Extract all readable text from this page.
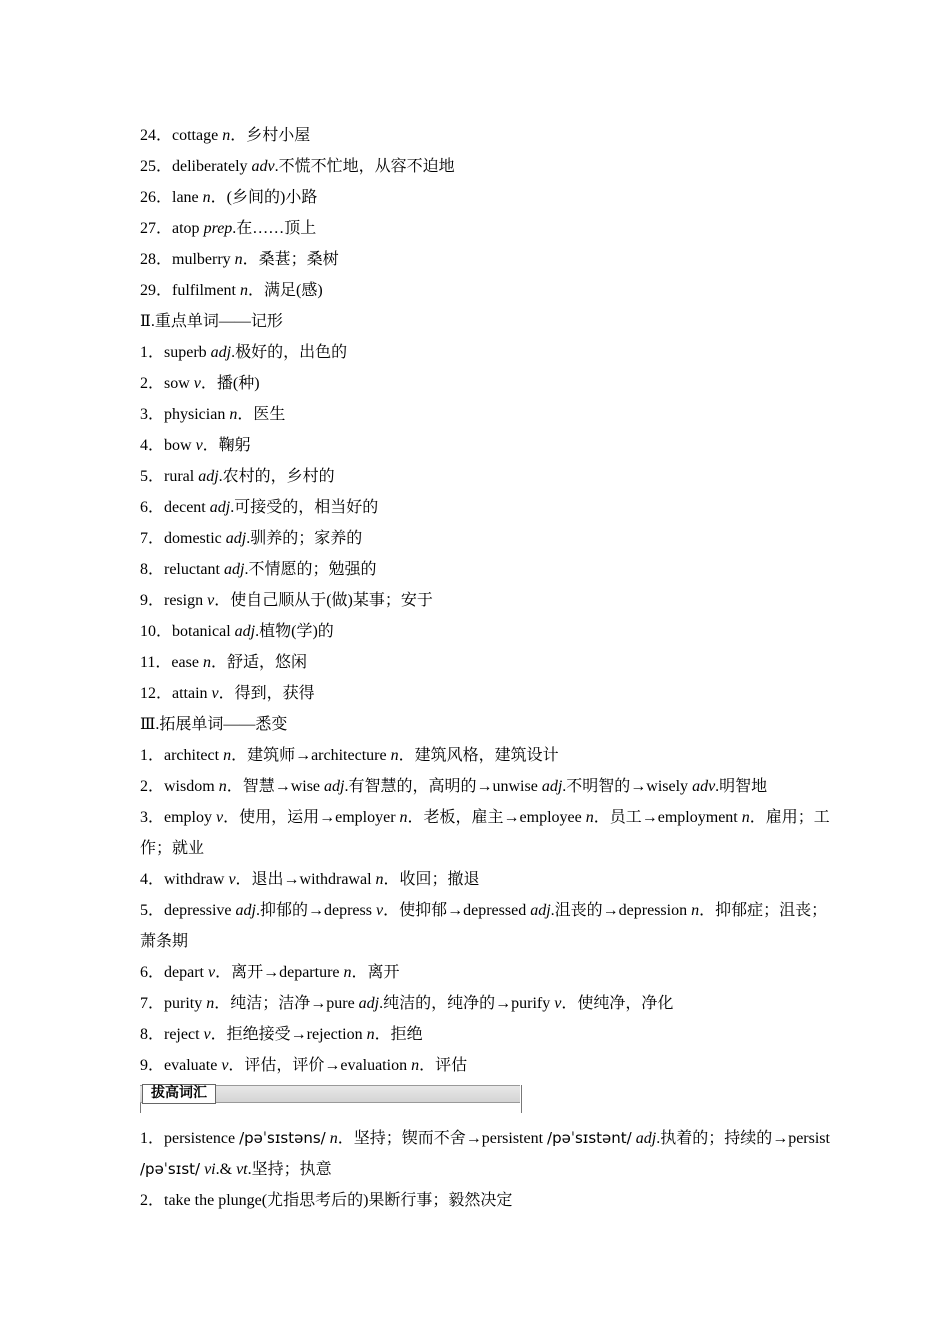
24．cottage n．乡村小屋
25．deliberately adv.不慌不忙地，从容不迫地
26．lane n．(乡间的)小路
27．atop prep.在……顶上
28．mulberry n．桑葚；桑树
29．fulfilment n．满足(感)
Ⅱ.重点单词——记形
1．superb adj.极好的，出色的
2．sow v．播(种)
3．physician n．医生
4．bow v．鞠躬
5．rural adj.农村的，乡村的
6．decent adj.可接受的，相当好的
7．domestic adj.驯养的；家养的
8．reluctant adj.不情愿的；勉强的
9．resign v．使自己顺从于(做)某事；安于
10．botanical adj.植物(学)的
11．ease n．舒适，悠闲
12．attain v．得到，获得
Ⅲ.拓展单词——悉变
1．architect n．建筑师→architecture n．建筑风格，建筑设计
2．wisdom n．智慧→wise adj.有智慧的，高明的→unwise adj.不明智的→wisely adv.明智地
3．employ v．使用，运用→employer n．老板，雇主→employee n．员工→employment n．雇用；工作；就业
4．withdraw v．退出→withdrawal n．收回；撤退
5．depressive adj.抑郁的→depress v．使抑郁→depressed adj.沮丧的→depression n．抑郁症；沮丧；萧条期
6．depart v．离开→departure n．离开
7．purity n．纯洁；洁净→pure adj.纯洁的，纯净的→purify v．使纯净，净化
8．reject v．拒绝接受→rejection n．拒绝
9．evaluate v．评估，评价→evaluation n．评估
拔高词汇
1．persistence /pəˈsɪstəns/ n．坚持；锲而不舍→persistent /pəˈsɪstənt/ adj.执着的；持续的→persist /pəˈsɪst/ vi.& vt.坚持；执意
2．take the plunge(尤指思考后的)果断行事；毅然决定
